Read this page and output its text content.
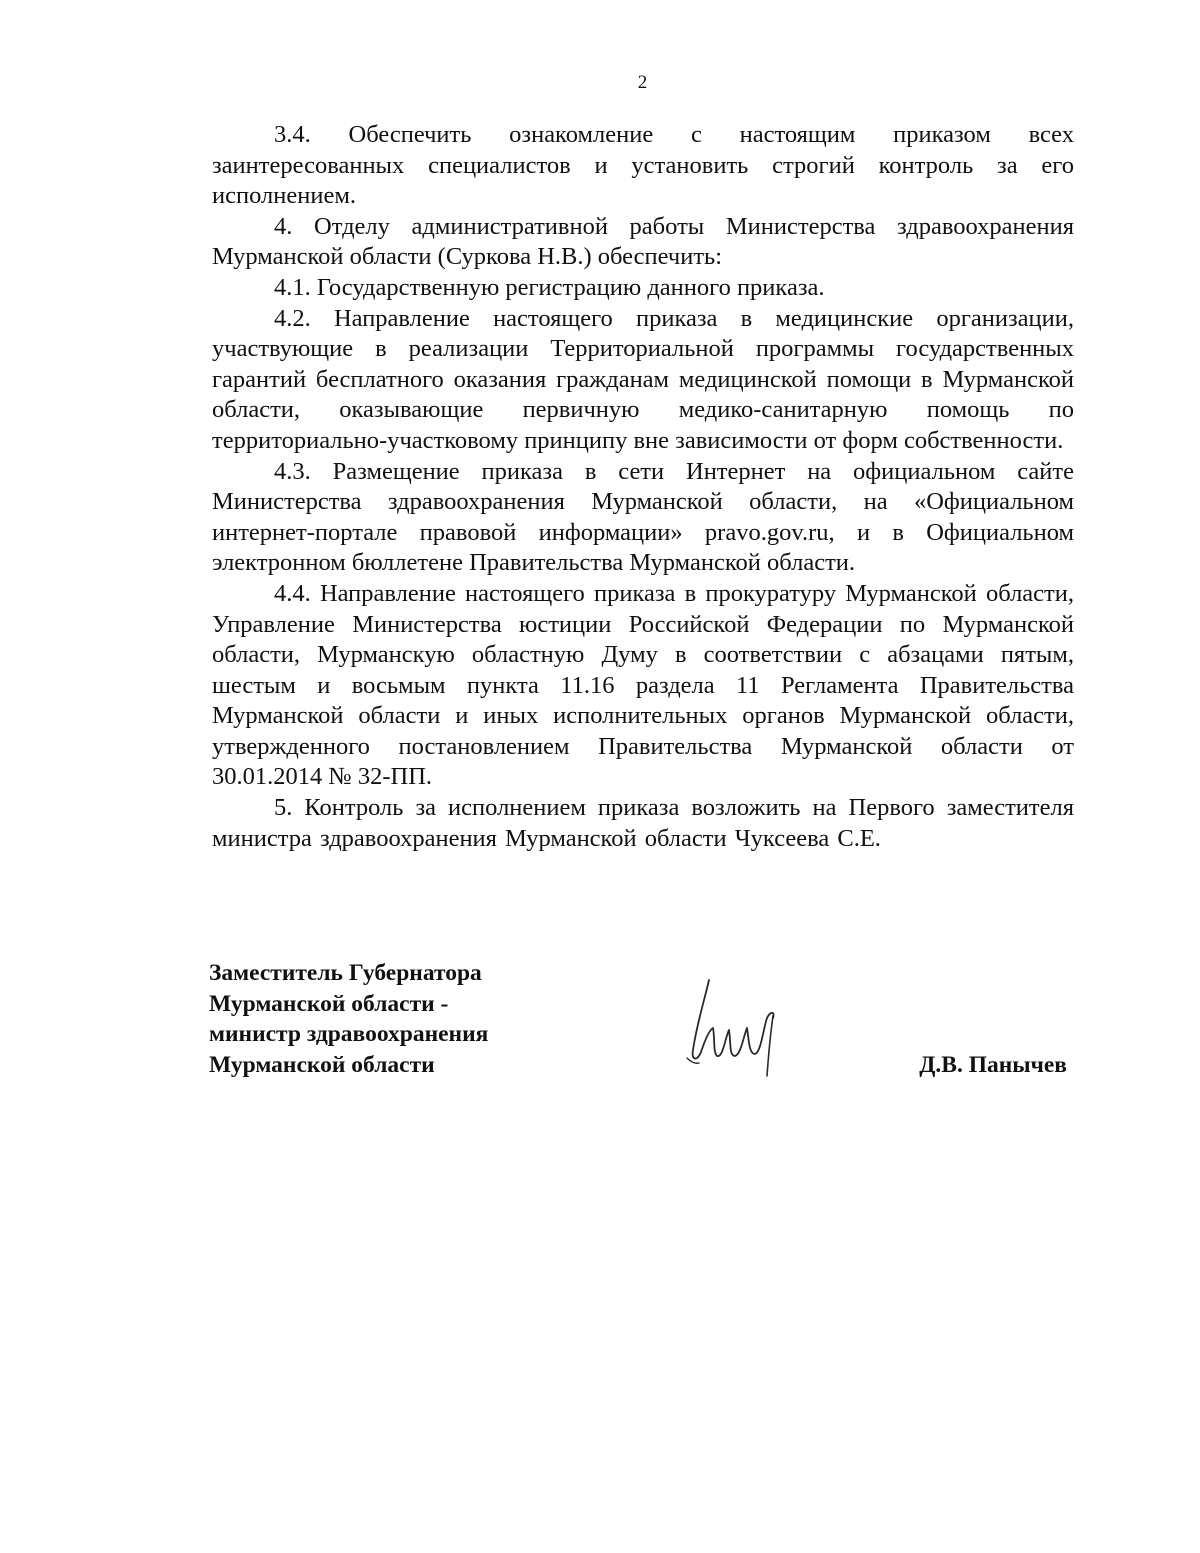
2

3.4. Обеспечить ознакомление с настоящим приказом всех заинтересованных специалистов и установить строгий контроль за его исполнением.

4. Отделу административной работы Министерства здравоохранения Мурманской области (Суркова Н.В.) обеспечить:

4.1. Государственную регистрацию данного приказа.

4.2. Направление настоящего приказа в медицинские организации, участвующие в реализации Территориальной программы государственных гарантий бесплатного оказания гражданам медицинской помощи в Мурманской области, оказывающие первичную медико-санитарную помощь по территориально-участковому принципу вне зависимости от форм собственности.

4.3. Размещение приказа в сети Интернет на официальном сайте Министерства здравоохранения Мурманской области, на «Официальном интернет-портале правовой информации» pravo.gov.ru, и в Официальном электронном бюллетене Правительства Мурманской области.

4.4. Направление настоящего приказа в прокуратуру Мурманской области, Управление Министерства юстиции Российской Федерации по Мурманской области, Мурманскую областную Думу в соответствии с абзацами пятым, шестым и восьмым пункта 11.16 раздела 11 Регламента Правительства Мурманской области и иных исполнительных органов Мурманской области, утвержденного постановлением Правительства Мурманской области от 30.01.2014 № 32-ПП.

5. Контроль за исполнением приказа возложить на Первого заместителя министра здравоохранения Мурманской области Чуксеева С.Е.

Заместитель Губернатора
Мурманской области -
министр здравоохранения
Мурманской области	Д.В. Панычев
